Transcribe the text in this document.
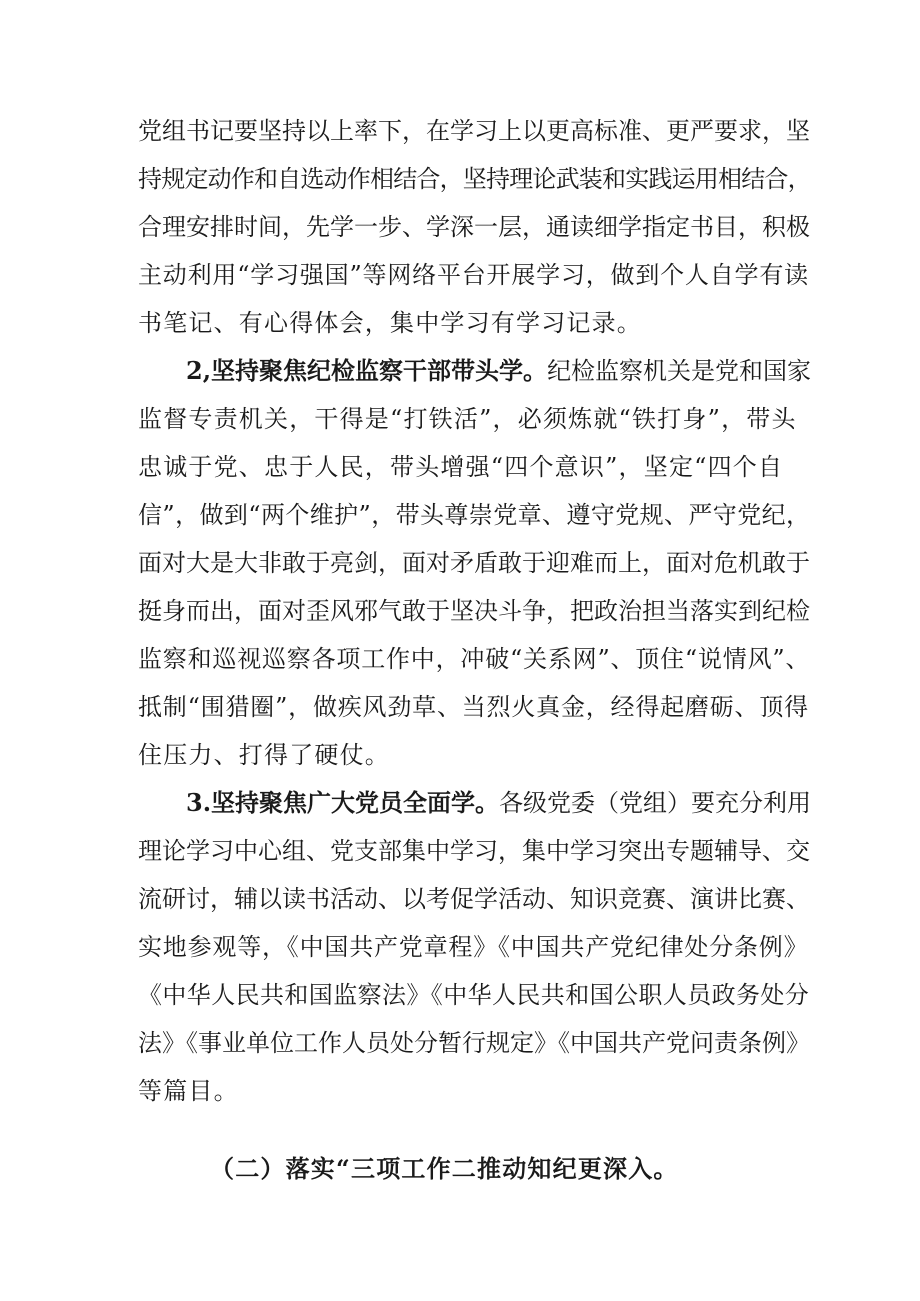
党组书记要坚持以上率下，在学习上以更高标准、更严要求，坚
持规定动作和自选动作相结合，坚持理论武装和实践运用相结合，
合理安排时间，先学一步、学深一层，通读细学指定书目，积极
主动利用“学习强国”等网络平台开展学习，做到个人自学有读
书笔记、有心得体会，集中学习有学习记录。
2,坚持聚焦纪检监察干部带头学。纪检监察机关是党和国家
监督专责机关，干得是“打铁活”，必须炼就“铁打身”，带头
忠诚于党、忠于人民，带头增强“四个意识”，坚定“四个自
信”，做到“两个维护”，带头尊崇党章、遵守党规、严守党纪，
面对大是大非敢于亮剑，面对矛盾敢于迎难而上，面对危机敢于
挺身而出，面对歪风邪气敢于坚决斗争，把政治担当落实到纪检
监察和巡视巡察各项工作中，冲破“关系网”、顶住“说情风”、
抵制“围猎圈”，做疾风劲草、当烈火真金，经得起磨砺、顶得
住压力、打得了硬仗。
3.坚持聚焦广大党员全面学。各级党委（党组）要充分利用
理论学习中心组、党支部集中学习，集中学习突出专题辅导、交
流研讨，辅以读书活动、以考促学活动、知识竞赛、演讲比赛、
实地参观等，《中国共产党章程》《中国共产党纪律处分条例》
《中华人民共和国监察法》《中华人民共和国公职人员政务处分
法》《事业单位工作人员处分暂行规定》《中国共产党问责条例》
等篇目。
（二）落实“三项工作二推动知纪更深入。
